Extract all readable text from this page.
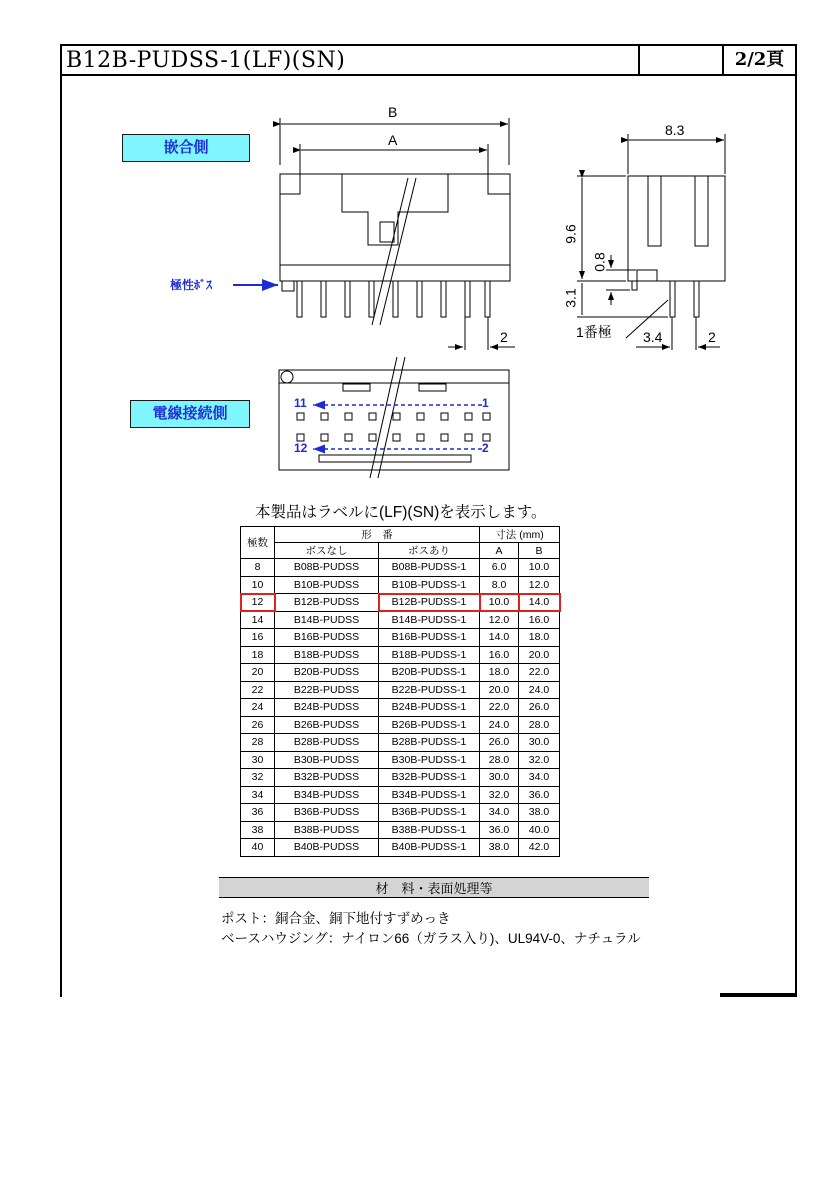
B12B-PUDSS-1(LF)(SN)	2/2頁
嵌合側
電線接続側
B
A
8.3
9.6
0.8
3.1
2	3.4	2
1番極
極性ﾎﾞｽ
11	1
12	2
本製品はラベルに(LF)(SN)を表示します。
極数	形　番		寸法 (mm)	
	ボスなし	ボスあり	A	B
8	B08B-PUDSS	B08B-PUDSS-1	6.0	10.0
10	B10B-PUDSS	B10B-PUDSS-1	8.0	12.0
12	B12B-PUDSS	B12B-PUDSS-1	10.0	14.0
14	B14B-PUDSS	B14B-PUDSS-1	12.0	16.0
16	B16B-PUDSS	B16B-PUDSS-1	14.0	18.0
18	B18B-PUDSS	B18B-PUDSS-1	16.0	20.0
20	B20B-PUDSS	B20B-PUDSS-1	18.0	22.0
22	B22B-PUDSS	B22B-PUDSS-1	20.0	24.0
24	B24B-PUDSS	B24B-PUDSS-1	22.0	26.0
26	B26B-PUDSS	B26B-PUDSS-1	24.0	28.0
28	B28B-PUDSS	B28B-PUDSS-1	26.0	30.0
30	B30B-PUDSS	B30B-PUDSS-1	28.0	32.0
32	B32B-PUDSS	B32B-PUDSS-1	30.0	34.0
34	B34B-PUDSS	B34B-PUDSS-1	32.0	36.0
36	B36B-PUDSS	B36B-PUDSS-1	34.0	38.0
38	B38B-PUDSS	B38B-PUDSS-1	36.0	40.0
40	B40B-PUDSS	B40B-PUDSS-1	38.0	42.0
材　料・表面処理等
ポスト：銅合金、銅下地付すずめっき
ベースハウジング：ナイロン66（ガラス入り)、UL94V-0、ナチュラル
